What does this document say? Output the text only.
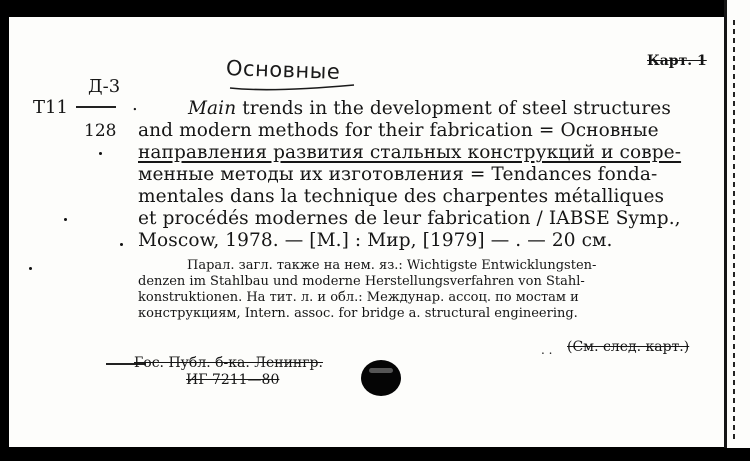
Д-3
T11
128
Основные	Карт. 1
.	Main trends in the development of steel structures
and modern methods for their fabrication = Основные
направления развития стальных конструкций и совре-
менные методы их изготовления = Tendances fonda-
mentales dans la technique des charpentes métalliques
et procédés modernes de leur fabrication / IABSE Symp.,
Moscow, 1978. — [M.] : Мир, [1979] — . — 20 см.
Парал. загл. также на нем. яз.: Wichtigste Entwicklungsten-
denzen im Stahlbau und moderne Herstellungsverfahren von Stahl-
konstruktionen. На тит. л. и обл.: Междунар. ассоц. по мостам и
конструкциям, Intern. assoc. for bridge a. structural engineering.
. . (См. след. карт.)
Гос. Публ. б-ка. Ленингр.
ИГ 7211—80
